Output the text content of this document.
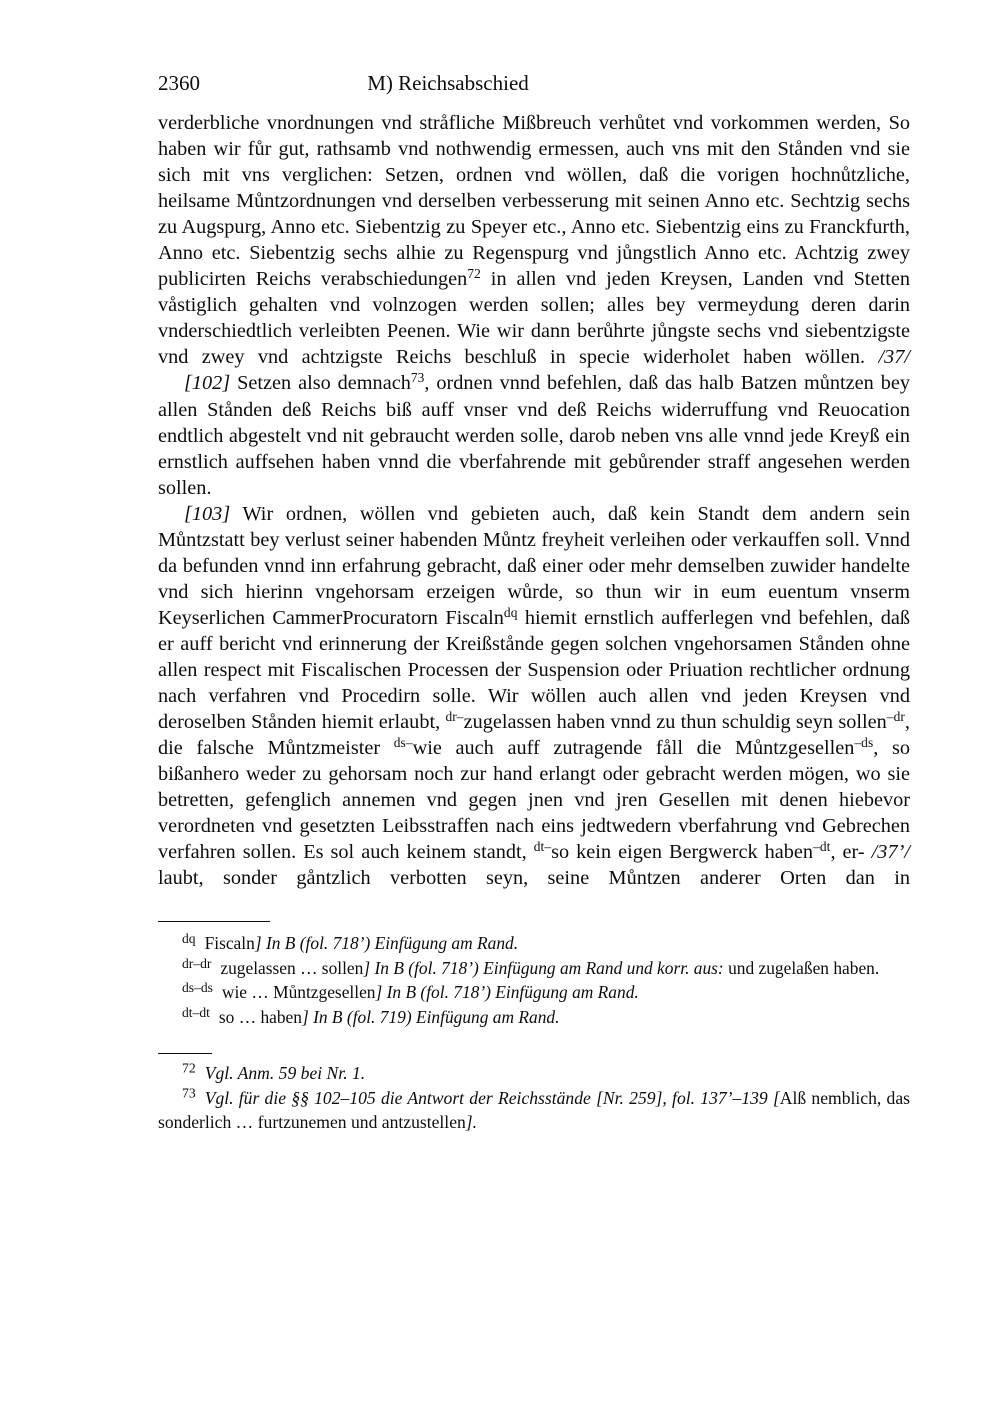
2360	M) Reichsabschied

verderbliche vnordnungen vnd stråfliche Mißbreuch verhůtet vnd vorkommen werden, So haben wir fůr gut, rathsamb vnd nothwendig ermessen, auch vns mit den Stånden vnd sie sich mit vns verglichen: Setzen, ordnen vnd wöllen, daß die vorigen hochnůtzliche, heilsame Můntzordnungen vnd derselben verbesserung mit seinen Anno etc. Sechtzig sechs zu Augspurg, Anno etc. Siebentzig zu Speyer etc., Anno etc. Siebentzig eins zu Franckfurth, Anno etc. Siebentzig sechs alhie zu Regenspurg vnd jůngstlich Anno etc. Achtzig zwey publicirten Reichs verabschiedungen$^{72}$ in allen vnd jeden Kreysen, Landen vnd Stetten våstiglich gehalten vnd volnzogen werden sollen; alles bey vermeydung deren darin vnderschiedtlich verleibten Peenen. Wie wir dann berůhrte jůngste sechs vnd siebentzigste vnd zwey vnd achtzigste Reichs beschluß in specie widerholet haben wöllen. /37/

[102] Setzen also demnach$^{73}$, ordnen vnnd befehlen, daß das halb Batzen můntzen bey allen Stånden deß Reichs biß auff vnser vnd deß Reichs widerruffung vnd Reuocation endtlich abgestelt vnd nit gebraucht werden solle, darob neben vns alle vnnd jede Kreyß ein ernstlich auffsehen haben vnnd die vberfahrende mit gebůrender straff angesehen werden sollen.

[103] Wir ordnen, wöllen vnd gebieten auch, daß kein Standt dem andern sein Můntzstatt bey verlust seiner habenden Můntz freyheit verleihen oder verkauffen soll. Vnnd da befunden vnnd inn erfahrung gebracht, daß einer oder mehr demselben zuwider handelte vnd sich hierinn vngehorsam erzeigen wůrde, so thun wir in eum euentum vnserm Keyserlichen CammerProcuratorn Fiscaln$^{dq}$ hiemit ernstlich aufferlegen vnd befehlen, daß er auff bericht vnd erinnerung der Kreißstånde gegen solchen vngehorsamen Stånden ohne allen respect mit Fiscalischen Processen der Suspension oder Priuation rechtlicher ordnung nach verfahren vnd Procedirn solle. Wir wöllen auch allen vnd jeden Kreysen vnd deroselben Stånden hiemit erlaubt, $^{dr-}$zugelassen haben vnnd zu thun schuldig seyn sollen$^{-dr}$, die falsche Můntzmeister $^{ds-}$wie auch auff zutragende fåll die Můntzgesellen$^{-ds}$, so bißanhero weder zu gehorsam noch zur hand erlangt oder gebracht werden mögen, wo sie betretten, gefenglich annemen vnd gegen jnen vnd jren Gesellen mit denen hiebevor verordneten vnd gesetzten Leibsstraffen nach eins jedtwedern vberfahrung vnd Gebrechen verfahren sollen. Es sol auch keinem standt, $^{dt-}$so kein eigen Bergwerck haben$^{-dt}$, er- /37’/ laubt, sonder gåntzlich verbotten seyn, seine Můntzen anderer Orten dan in

$^{dq}$ Fiscaln] In B (fol. 718’) Einfügung am Rand.

$^{dr-dr}$ zugelassen … sollen] In B (fol. 718’) Einfügung am Rand und korr. aus: und zugelaßen haben.

$^{ds-ds}$ wie … Můntzgesellen] In B (fol. 718’) Einfügung am Rand.

$^{dt-dt}$ so … haben] In B (fol. 719) Einfügung am Rand.

$^{72}$ Vgl. Anm. 59 bei Nr. 1.

$^{73}$ Vgl. für die §§ 102–105 die Antwort der Reichsstände [Nr. 259], fol. 137’–139 [Alß nemblich, das sonderlich … furtzunemen und antzustellen].
